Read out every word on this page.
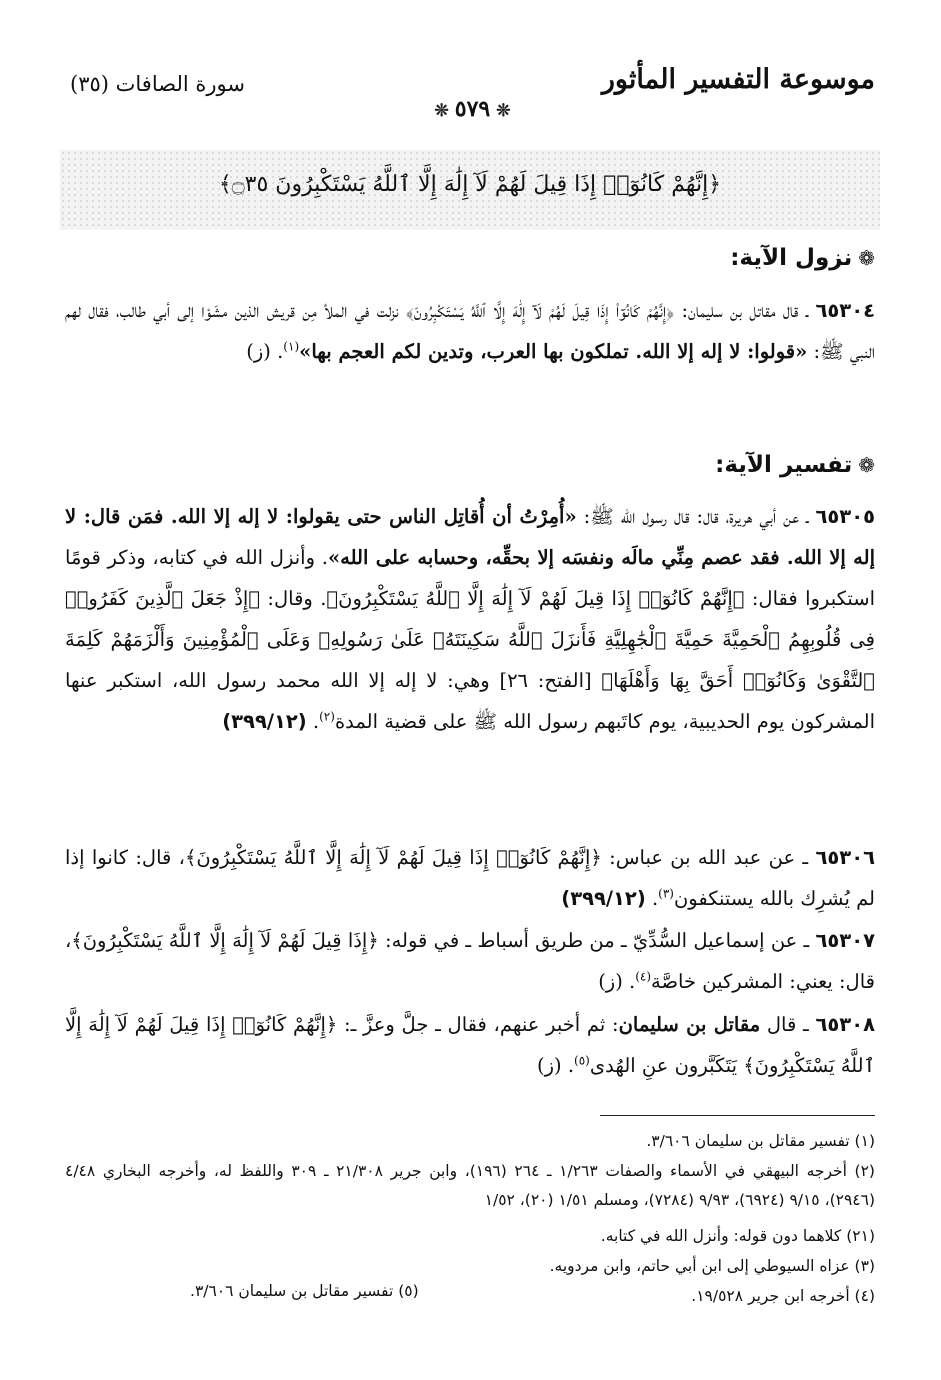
موسوعة التفسير المأثور
سورة الصافات (٣٥)
❊٥٧٩❊
﴿إِنَّهُمْ كَانُوٓا۟ إِذَا قِيلَ لَهُمْ لَآ إِلَٰهَ إِلَّا ٱللَّهُ يَسْتَكْبِرُونَ ۝٣٥﴾
❁نزول الآية:
٦٥٣٠٤ ـ قال مقاتل بن سليمان: ﴿إِنَّهُمْ كَانُوٓا۟ إِذَا قِيلَ لَهُمْ لَآ إِلَٰهَ إِلَّا ٱللَّهُ يَسْتَكْبِرُونَ﴾ نزلت في الملأ مِن قريش الذين مشَوْا إلى أبي طالب، فقال لهم النبي ﷺ: «قولوا: لا إله إلا الله. تملكون بها العرب، وتدين لكم العجم بها»$^{(١)}$. (ز)
❁تفسير الآية:
٦٥٣٠٥ ـ عن أبي هريرة، قال: قال رسول الله ﷺ: «أُمِرْتُ أن أُقاتِل الناس حتى يقولوا: لا إله إلا الله. فمَن قال: لا إله إلا الله. فقد عصم مِنِّي مالَه ونفسَه إلا بحقِّه، وحسابه على الله». وأنزل الله في كتابه، وذكر قومًا استكبروا فقال: ﴿إِنَّهُمْ كَانُوٓا۟ إِذَا قِيلَ لَهُمْ لَآ إِلَٰهَ إِلَّا ٱللَّهُ يَسْتَكْبِرُونَ﴾. وقال: ﴿إِذْ جَعَلَ ٱلَّذِينَ كَفَرُوا۟ فِى قُلُوبِهِمُ ٱلْحَمِيَّةَ حَمِيَّةَ ٱلْجَٰهِلِيَّةِ فَأَنزَلَ ٱللَّهُ سَكِينَتَهُۥ عَلَىٰ رَسُولِهِۦ وَعَلَى ٱلْمُؤْمِنِينَ وَأَلْزَمَهُمْ كَلِمَةَ ٱلتَّقْوَىٰ وَكَانُوٓا۟ أَحَقَّ بِهَا وَأَهْلَهَا﴾ [الفتح: ٢٦] وهي: لا إله إلا الله محمد رسول الله، استكبر عنها المشركون يوم الحديبية، يوم كاتَبهم رسول الله ﷺ على قضية المدة$^{(٢)}$. (٣٩٩/١٢)
٦٥٣٠٦ ـ عن عبد الله بن عباس: ﴿إِنَّهُمْ كَانُوٓا۟ إِذَا قِيلَ لَهُمْ لَآ إِلَٰهَ إِلَّا ٱللَّهُ يَسْتَكْبِرُونَ﴾، قال: كانوا إذا لم يُشرِك بالله يستنكفون$^{(٣)}$. (٣٩٩/١٢)
٦٥٣٠٧ ـ عن إسماعيل السُّدِّيّ ـ من طريق أسباط ـ في قوله: ﴿إِذَا قِيلَ لَهُمْ لَآ إِلَٰهَ إِلَّا ٱللَّهُ يَسْتَكْبِرُونَ﴾، قال: يعني: المشركين خاصَّة$^{(٤)}$. (ز)
٦٥٣٠٨ ـ قال مقاتل بن سليمان: ثم أخبر عنهم، فقال ـ جلَّ وعزَّ ـ: ﴿إِنَّهُمْ كَانُوٓا۟ إِذَا قِيلَ لَهُمْ لَآ إِلَٰهَ إِلَّا ٱللَّهُ يَسْتَكْبِرُونَ﴾ يَتَكَبَّرون عنِ الهُدى$^{(٥)}$. (ز)
(١) تفسير مقاتل بن سليمان ٣/٦٠٦.
(٢) أخرجه البيهقي في الأسماء والصفات ١/٢٦٣ ـ ٢٦٤ (١٩٦)، وابن جرير ٢١/٣٠٨ ـ ٣٠٩ واللفظ له، وأخرجه البخاري ٤/٤٨ (٢٩٤٦)، ٩/١٥ (٦٩٢٤)، ٩/٩٣ (٧٢٨٤)، ومسلم ١/٥١ (٢٠)، ١/٥٢
(٢١) كلاهما دون قوله: وأنزل الله في كتابه.
(٣) عزاه السيوطي إلى ابن أبي حاتم، وابن مردويه.
(٤) أخرجه ابن جرير ١٩/٥٢٨.
(٥) تفسير مقاتل بن سليمان ٣/٦٠٦.
